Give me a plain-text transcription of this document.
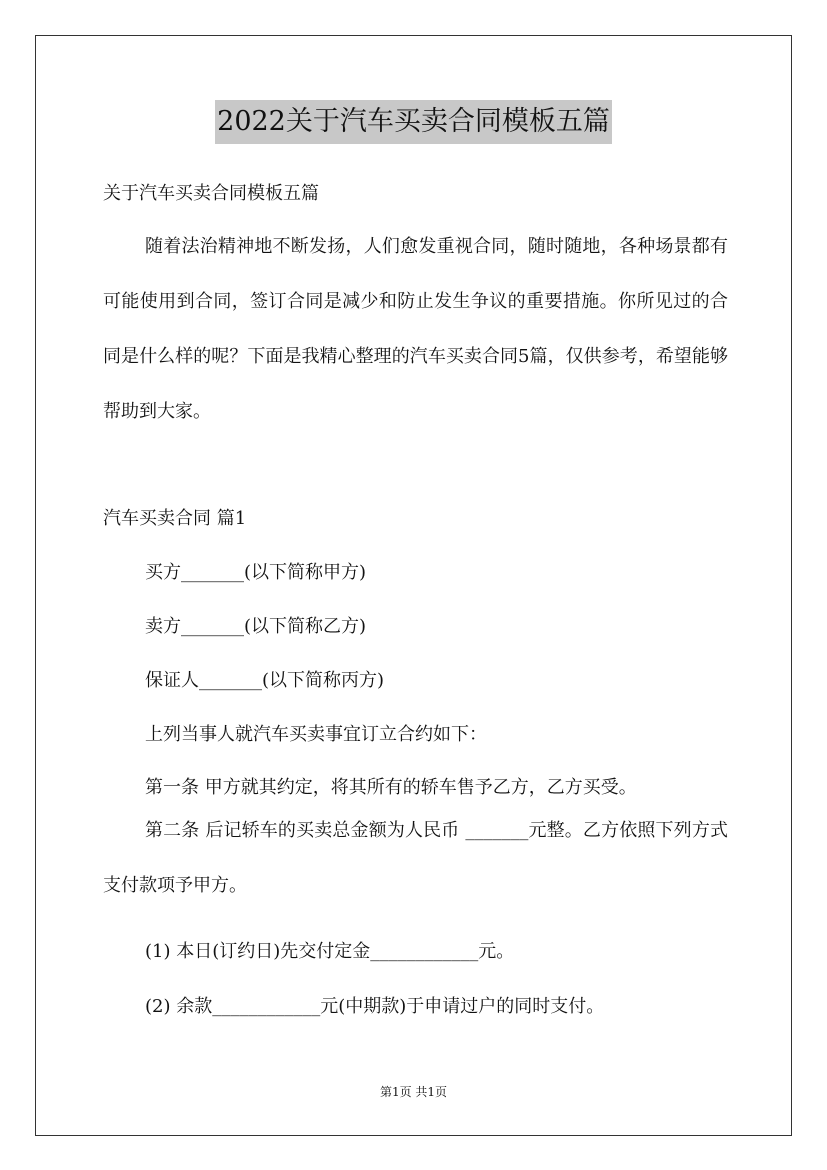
2022关于汽车买卖合同模板五篇
关于汽车买卖合同模板五篇

随着法治精神地不断发扬，人们愈发重视合同，随时随地，各种场景都有可能使用到合同，签订合同是减少和防止发生争议的重要措施。你所见过的合同是什么样的呢？下面是我精心整理的汽车买卖合同5篇，仅供参考，希望能够帮助到大家。

汽车买卖合同 篇1
买方_______(以下简称甲方)
卖方_______(以下简称乙方)
保证人_______(以下简称丙方)
上列当事人就汽车买卖事宜订立合约如下：
第一条 甲方就其约定，将其所有的轿车售予乙方，乙方买受。

第二条 后记轿车的买卖总金额为人民币 _______元整。乙方依照下列方式支付款项予甲方。

(1) 本日(订约日)先交付定金____________元。
(2) 余款____________元(中期款)于申请过户的同时支付。
第1页 共1页
